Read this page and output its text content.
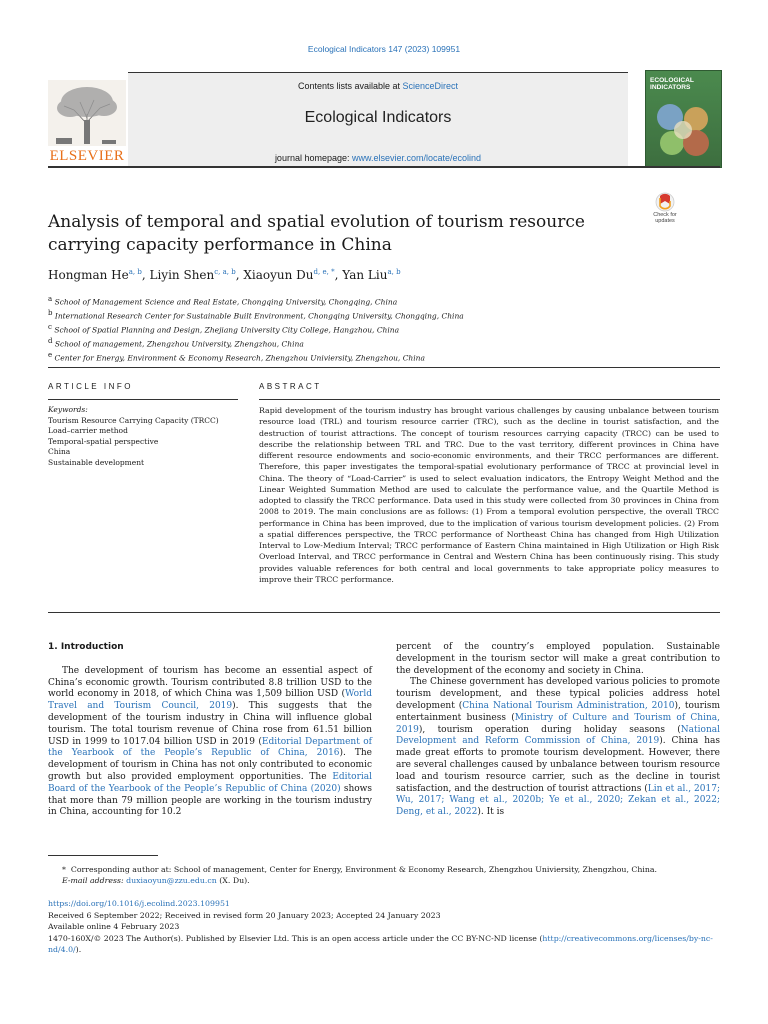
Ecological Indicators 147 (2023) 109951
ELSEVIER
Contents lists available at ScienceDirect
Ecological Indicators
journal homepage: www.elsevier.com/locate/ecolind
ECOLOGICAL
INDICATORS
Check for
updates
Analysis of temporal and spatial evolution of tourism resource carrying capacity performance in China
Hongman He$^{a, b}$, Liyin Shen$^{c, a, b}$, Xiaoyun $Du^{d, e, *}$, Yan Liu$^{a, b}$
$^a$ School of Management Science and Real Estate, Chongqing University, Chongqing, China
$^b$ International Research Center for Sustainable Built Environment, Chongqing University, Chongqing, China
$^c$ School of Spatial Planning and Design, Zhejiang University City College, Hangzhou, China
$^d$ School of management, Zhengzhou University, Zhengzhou, China
$^e$ Center for Energy, Environment & Economy Research, Zhengzhou Univiersity, Zhengzhou, China
ARTICLE INFO	ABSTRACT
Keywords:
Tourism Resource Carrying Capacity (TRCC)
Load–carrier method
Temporal-spatial perspective
China
Sustainable development
Rapid development of the tourism industry has brought various challenges by causing unbalance between tourism resource load (TRL) and tourism resource carrier (TRC), such as the decline in tourist satisfaction, and the destruction of tourist attractions. The concept of tourism resources carrying capacity (TRCC) can be used to describe the relationship between TRL and TRC. Due to the vast territory, different provinces in China have different resource endowments and socio-economic environments, and their TRCC performances are different. Therefore, this paper investigates the temporal-spatial evolutionary performance of TRCC at provincial level in China. The theory of “Load-Carrier” is used to select evaluation indicators, the Entropy Weight Method and the Linear Weighted Summation Method are used to calculate the performance value, and the Quartile Method is adopted to classify the TRCC performance. Data used in this study were collected from 30 provinces in China from 2008 to 2019. The main conclusions are as follows: (1) From a temporal evolution perspective, the overall TRCC performance in China has been improved, due to the implication of various tourism development policies. (2) From a spatial differences perspective, the TRCC performance of Northeast China has changed from High Utilization Interval to Low-Medium Interval; TRCC performance of Eastern China maintained in High Utilization or High Risk Overload Interval, and TRCC performance in Central and Western China has been continuously rising. This study provides valuable references for both central and local governments to take appropriate policy measures to improve their TRCC performance.
1. Introduction

The development of tourism has become an essential aspect of China’s economic growth. Tourism contributed 8.8 trillion USD to the world economy in 2018, of which China was 1,509 billion USD (World Travel and Tourism Council, 2019). This suggests that the development of the tourism industry in China will influence global tourism. The total tourism revenue of China rose from 61.51 billion USD in 1999 to 1017.04 billion USD in 2019 (Editorial Department of the Yearbook of the People’s Republic of China, 2016). The development of tourism in China has not only contributed to economic growth but also provided employment opportunities. The Editorial Board of the Yearbook of the People’s Republic of China (2020) shows that more than 79 million people are working in the tourism industry in China, accounting for 10.2

percent of the country’s employed population. Sustainable development in the tourism sector will make a great contribution to the development of the economy and society in China.

The Chinese government has developed various policies to promote tourism development, and these typical policies address hotel development (China National Tourism Administration, 2010), tourism entertainment business (Ministry of Culture and Tourism of China, 2019), tourism operation during holiday seasons (National Development and Reform Commission of China, 2019). China has made great efforts to promote tourism development. However, there are several challenges caused by unbalance between tourism resource load and tourism resource carrier, such as the decline in tourist satisfaction, and the destruction of tourist attractions (Lin et al., 2017; Wu, 2017; Wang et al., 2020b; Ye et al., 2020; Zekan et al., 2022; Deng, et al., 2022). It is

* Corresponding author at: School of management, Center for Energy, Environment & Economy Research, Zhengzhou Univiersity, Zhengzhou, China.
E-mail address: duxiaoyun@zzu.edu.cn (X. Du).
https://doi.org/10.1016/j.ecolind.2023.109951
Received 6 September 2022; Received in revised form 20 January 2023; Accepted 24 January 2023
Available online 4 February 2023
1470-160X/© 2023 The Author(s). Published by Elsevier Ltd. This is an open access article under the CC BY-NC-ND license (http://creativecommons.org/licenses/by-nc-nd/4.0/).
